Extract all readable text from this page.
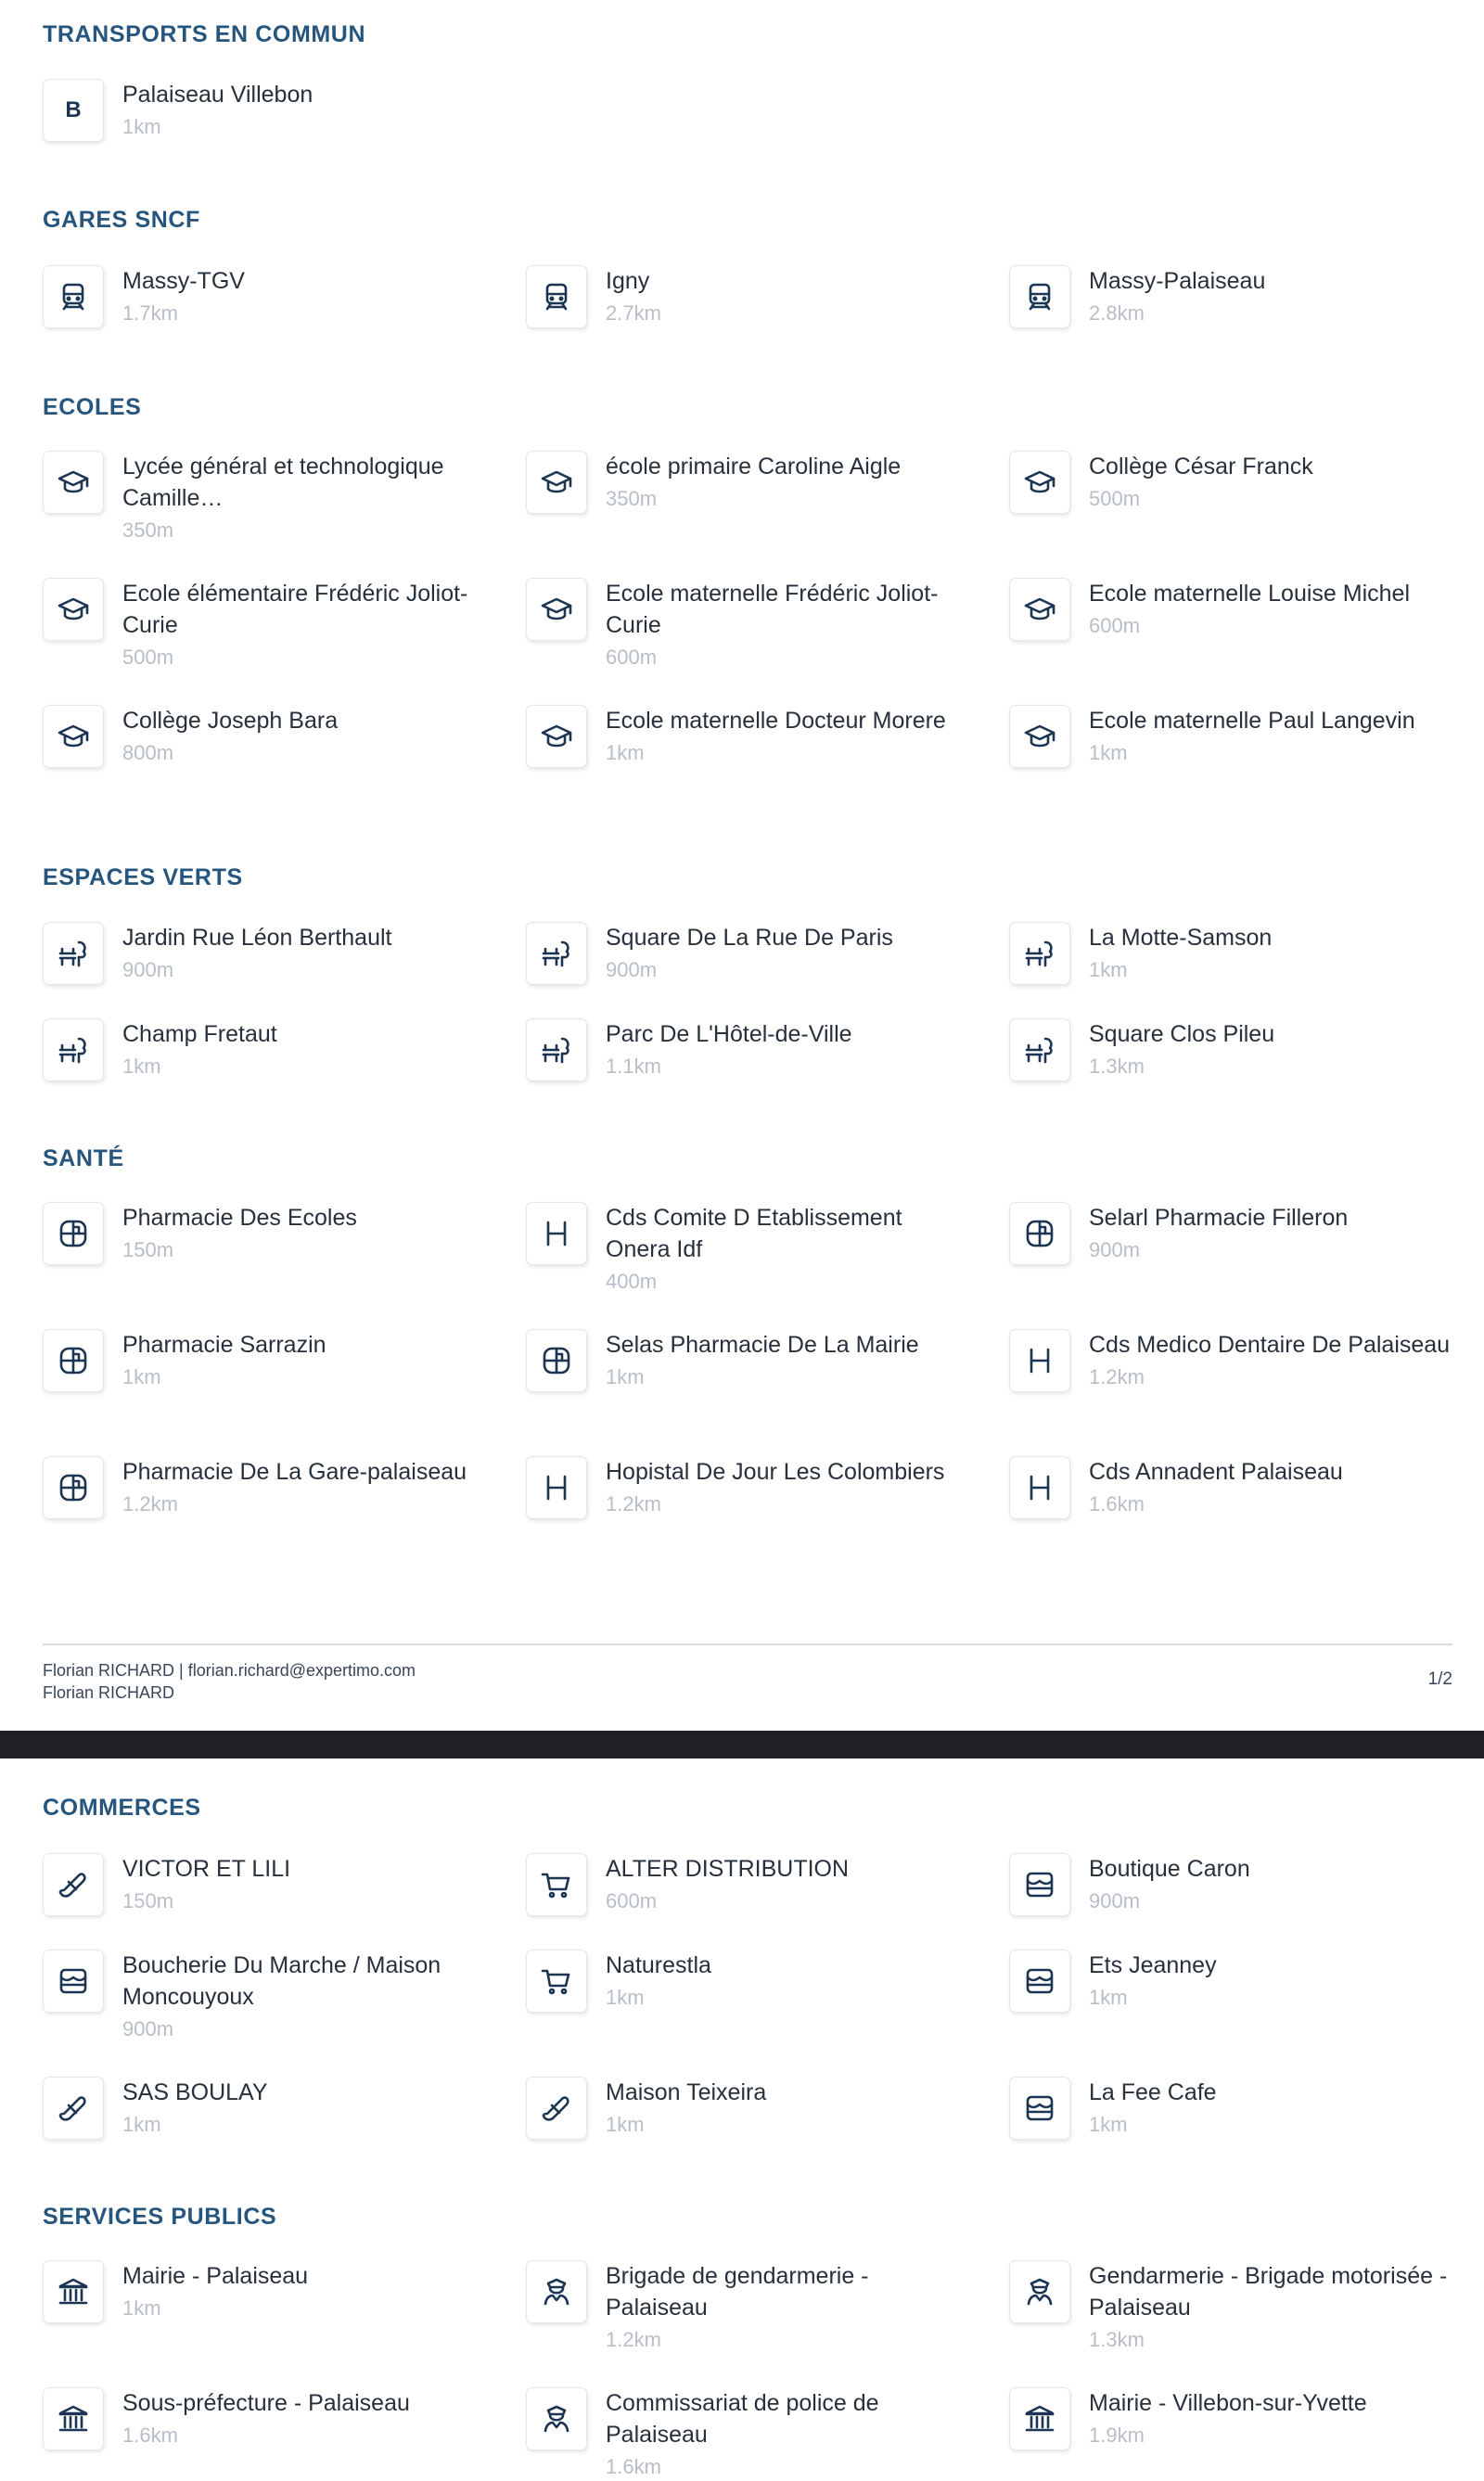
TRANSPORTS EN COMMUN
B
Palaiseau Villebon
1km
GARES SNCF
Massy-TGV
1.7km
Igny
2.7km
Massy-Palaiseau
2.8km
ECOLES
Lycée général et technologique Camille…
350m
école primaire Caroline Aigle
350m
Collège César Franck
500m
Ecole élémentaire Frédéric Joliot-Curie
500m
Ecole maternelle Frédéric Joliot-Curie
600m
Ecole maternelle Louise Michel
600m
Collège Joseph Bara
800m
Ecole maternelle Docteur Morere
1km
Ecole maternelle Paul Langevin
1km
ESPACES VERTS
Jardin Rue Léon Berthault
900m
Square De La Rue De Paris
900m
La Motte-Samson
1km
Champ Fretaut
1km
Parc De L'Hôtel-de-Ville
1.1km
Square Clos Pileu
1.3km
SANTÉ
Pharmacie Des Ecoles
150m
Cds Comite D Etablissement Onera Idf
400m
Selarl Pharmacie Filleron
900m
Pharmacie Sarrazin
1km
Selas Pharmacie De La Mairie
1km
Cds Medico Dentaire De Palaiseau
1.2km
Pharmacie De La Gare-palaiseau
1.2km
Hopistal De Jour Les Colombiers
1.2km
Cds Annadent Palaiseau
1.6km
Florian RICHARD | florian.richard@expertimo.com
Florian RICHARD
1/2
COMMERCES
VICTOR ET LILI
150m
ALTER DISTRIBUTION
600m
Boutique Caron
900m
Boucherie Du Marche / Maison Moncouyoux
900m
Naturestla
1km
Ets Jeanney
1km
SAS BOULAY
1km
Maison Teixeira
1km
La Fee Cafe
1km
SERVICES PUBLICS
Mairie - Palaiseau
1km
Brigade de gendarmerie - Palaiseau
1.2km
Gendarmerie - Brigade motorisée - Palaiseau
1.3km
Sous-préfecture - Palaiseau
1.6km
Commissariat de police de Palaiseau
1.6km
Mairie - Villebon-sur-Yvette
1.9km
